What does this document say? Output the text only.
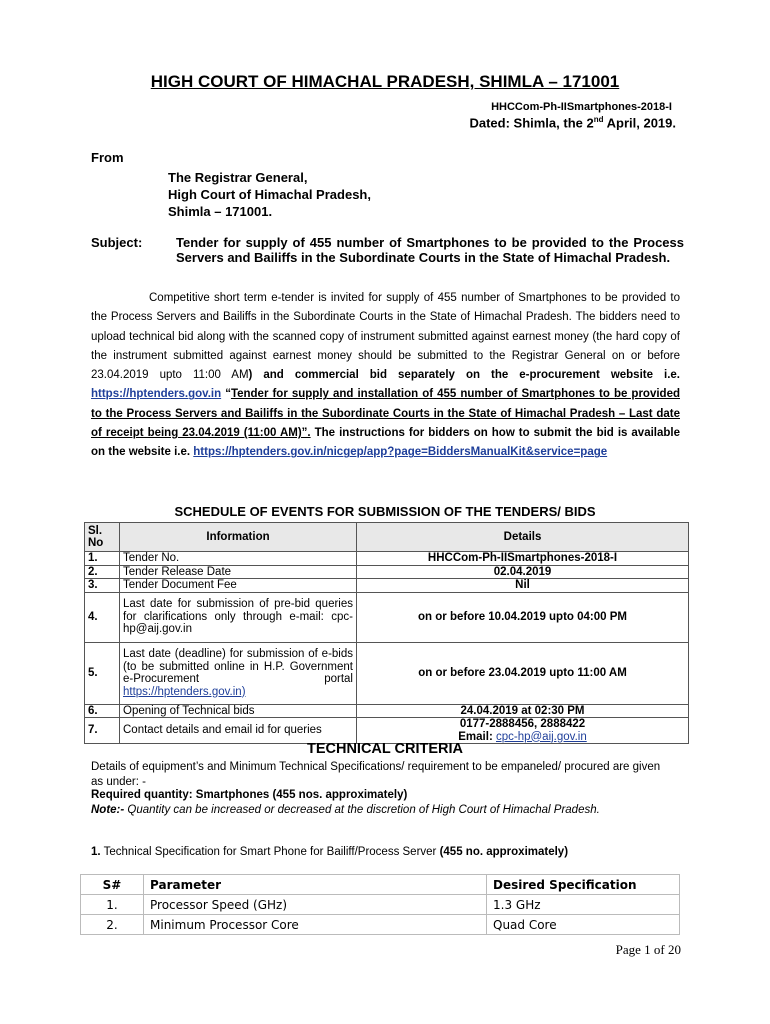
HIGH COURT OF HIMACHAL PRADESH, SHIMLA – 171001
HHCCom-Ph-IISmartphones-2018-I
Dated: Shimla, the 2nd April, 2019.
From
The Registrar General,
High Court of Himachal Pradesh,
Shimla – 171001.
Subject:	Tender for supply of 455 number of Smartphones to be provided to the Process Servers and Bailiffs in the Subordinate Courts in the State of Himachal Pradesh.

Competitive short term e-tender is invited for supply of 455 number of Smartphones to be provided to the Process Servers and Bailiffs in the Subordinate Courts in the State of Himachal Pradesh. The bidders need to upload technical bid along with the scanned copy of instrument submitted against earnest money (the hard copy of the instrument submitted against earnest money should be submitted to the Registrar General on or before 23.04.2019 upto 11:00 AM) and commercial bid separately on the e-procurement website i.e. https://hptenders.gov.in “Tender for supply and installation of 455 number of Smartphones to be provided to the Process Servers and Bailiffs in the Subordinate Courts in the State of Himachal Pradesh – Last date of receipt being 23.04.2019 (11:00 AM)”. The instructions for bidders on how to submit the bid is available on the website i.e. https://hptenders.gov.in/nicgep/app?page=BiddersManualKit&service=page

SCHEDULE OF EVENTS FOR SUBMISSION OF THE TENDERS/ BIDS
Sl. No	Information	Details
1.	Tender No.	HHCCom-Ph-IISmartphones-2018-I
2.	Tender Release Date	02.04.2019
3.	Tender Document Fee	Nil
4.	Last date for submission of pre-bid queries for clarifications only through e-mail: cpc-hp@aij.gov.in	on or before 10.04.2019 upto 04:00 PM
5.	Last date (deadline) for submission of e-bids (to be submitted online in H.P. Government e-Procurement portal https://hptenders.gov.in)	on or before 23.04.2019 upto 11:00 AM
6.	Opening of Technical bids	24.04.2019 at 02:30 PM
7.	Contact details and email id for queries	0177-2888456, 2888422
Email: cpc-hp@aij.gov.in
TECHNICAL CRITERIA
Details of equipment’s and Minimum Technical Specifications/ requirement to be empaneled/ procured are given as under: -
Required quantity: Smartphones (455 nos. approximately)
Note:- Quantity can be increased or decreased at the discretion of High Court of Himachal Pradesh.
1. Technical Specification for Smart Phone for Bailiff/Process Server (455 no. approximately)
S#	Parameter	Desired Specification
1.	Processor Speed (GHz)	1.3 GHz
2.	Minimum Processor Core	Quad Core
Page 1 of 20
